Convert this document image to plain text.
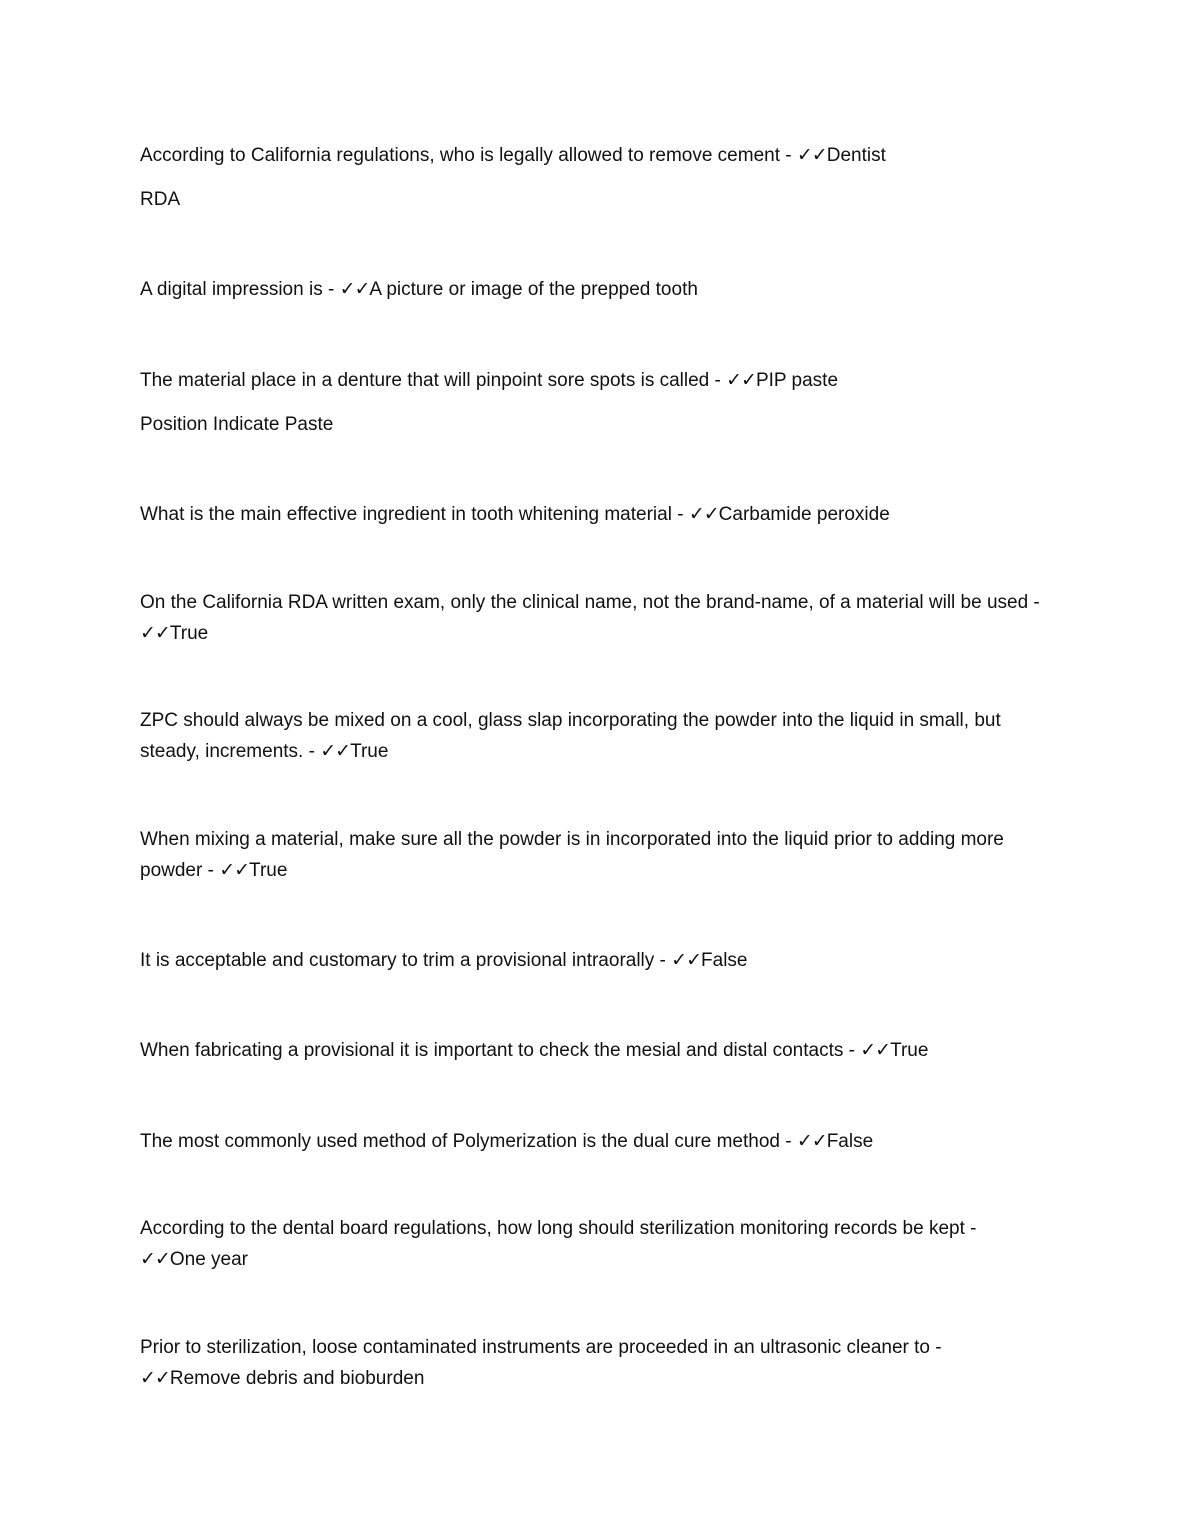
According to California regulations, who is legally allowed to remove cement - ✓✓Dentist
RDA
A digital impression is - ✓✓A picture or image of the prepped tooth
The material place in a denture that will pinpoint sore spots is called - ✓✓PIP paste
Position Indicate Paste
What is the main effective ingredient in tooth whitening material - ✓✓Carbamide peroxide
On the California RDA written exam, only the clinical name, not the brand-name, of a material will be used - ✓✓True
ZPC should always be mixed on a cool, glass slap incorporating the powder into the liquid in small, but steady, increments. - ✓✓True
When mixing a material, make sure all the powder is in incorporated into the liquid prior to adding more powder - ✓✓True
It is acceptable and customary to trim a provisional intraorally - ✓✓False
When fabricating a provisional it is important to check the mesial and distal contacts - ✓✓True
The most commonly used method of Polymerization is the dual cure method - ✓✓False
According to the dental board regulations, how long should sterilization monitoring records be kept - ✓✓One year
Prior to sterilization, loose contaminated instruments are proceeded in an ultrasonic cleaner to - ✓✓Remove debris and bioburden
